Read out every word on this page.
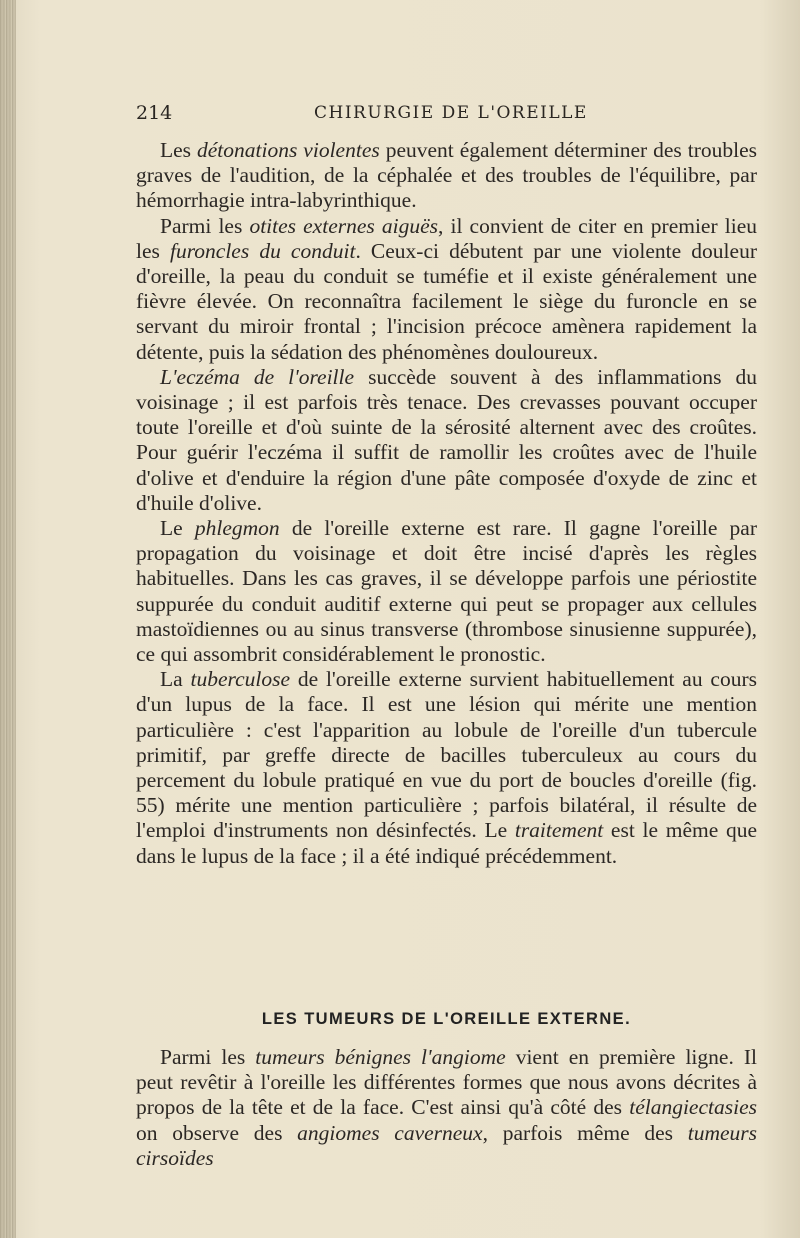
214	CHIRURGIE DE L'OREILLE

Les détonations violentes peuvent également déterminer des troubles graves de l'audition, de la céphalée et des troubles de l'équilibre, par hémorrhagie intra-labyrinthique.

Parmi les otites externes aiguës, il convient de citer en premier lieu les furoncles du conduit. Ceux-ci débutent par une violente douleur d'oreille, la peau du conduit se tuméfie et il existe généralement une fièvre élevée. On reconnaîtra facilement le siège du furoncle en se servant du miroir frontal ; l'incision précoce amènera rapidement la détente, puis la sédation des phénomènes douloureux.

L'eczéma de l'oreille succède souvent à des inflammations du voisinage ; il est parfois très tenace. Des crevasses pouvant occuper toute l'oreille et d'où suinte de la sérosité alternent avec des croûtes. Pour guérir l'eczéma il suffit de ramollir les croûtes avec de l'huile d'olive et d'enduire la région d'une pâte composée d'oxyde de zinc et d'huile d'olive.

Le phlegmon de l'oreille externe est rare. Il gagne l'oreille par propagation du voisinage et doit être incisé d'après les règles habituelles. Dans les cas graves, il se développe parfois une périostite suppurée du conduit auditif externe qui peut se propager aux cellules mastoïdiennes ou au sinus transverse (thrombose sinusienne suppurée), ce qui assombrit considérablement le pronostic.

La tuberculose de l'oreille externe survient habituellement au cours d'un lupus de la face. Il est une lésion qui mérite une mention particulière : c'est l'apparition au lobule de l'oreille d'un tubercule primitif, par greffe directe de bacilles tuberculeux au cours du percement du lobule pratiqué en vue du port de boucles d'oreille (fig. 55) mérite une mention particulière ; parfois bilatéral, il résulte de l'emploi d'instruments non désinfectés. Le traitement est le même que dans le lupus de la face ; il a été indiqué précédemment.

LES TUMEURS DE L'OREILLE EXTERNE.

Parmi les tumeurs bénignes l'angiome vient en première ligne. Il peut revêtir à l'oreille les différentes formes que nous avons décrites à propos de la tête et de la face. C'est ainsi qu'à côté des télangiectasies on observe des angiomes caverneux, parfois même des tumeurs cirsoïdes
